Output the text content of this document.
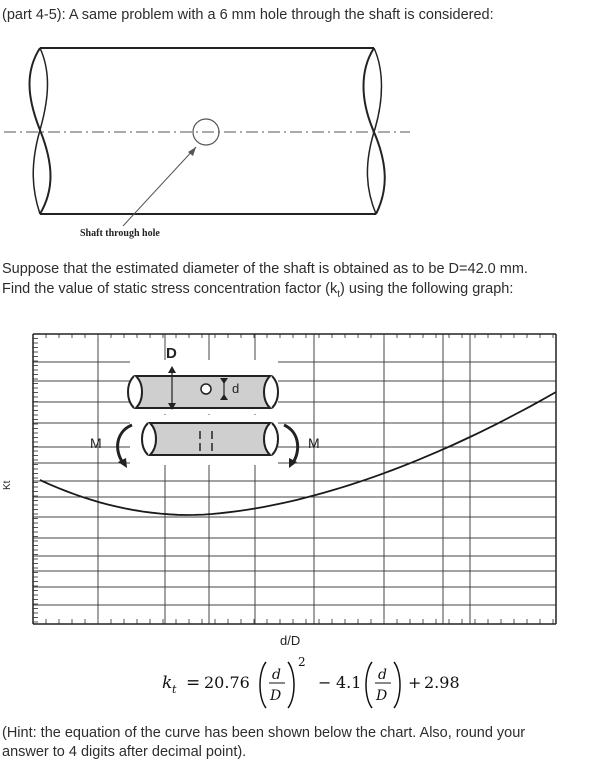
(part 4-5): A same problem with a 6 mm hole through the shaft is considered:
Shaft through hole
Suppose that the estimated diameter of the shaft is obtained as to be D=42.0 mm.
Find the value of static stress concentration factor $(k_t)$ using the following graph:
d
D
M	M
Kt
d/D
k t = 20.76 d
D
2
− 4.1 d
D
+ 2.98
(Hint: the equation of the curve has been shown below the chart. Also, round your
answer to 4 digits after decimal point).
